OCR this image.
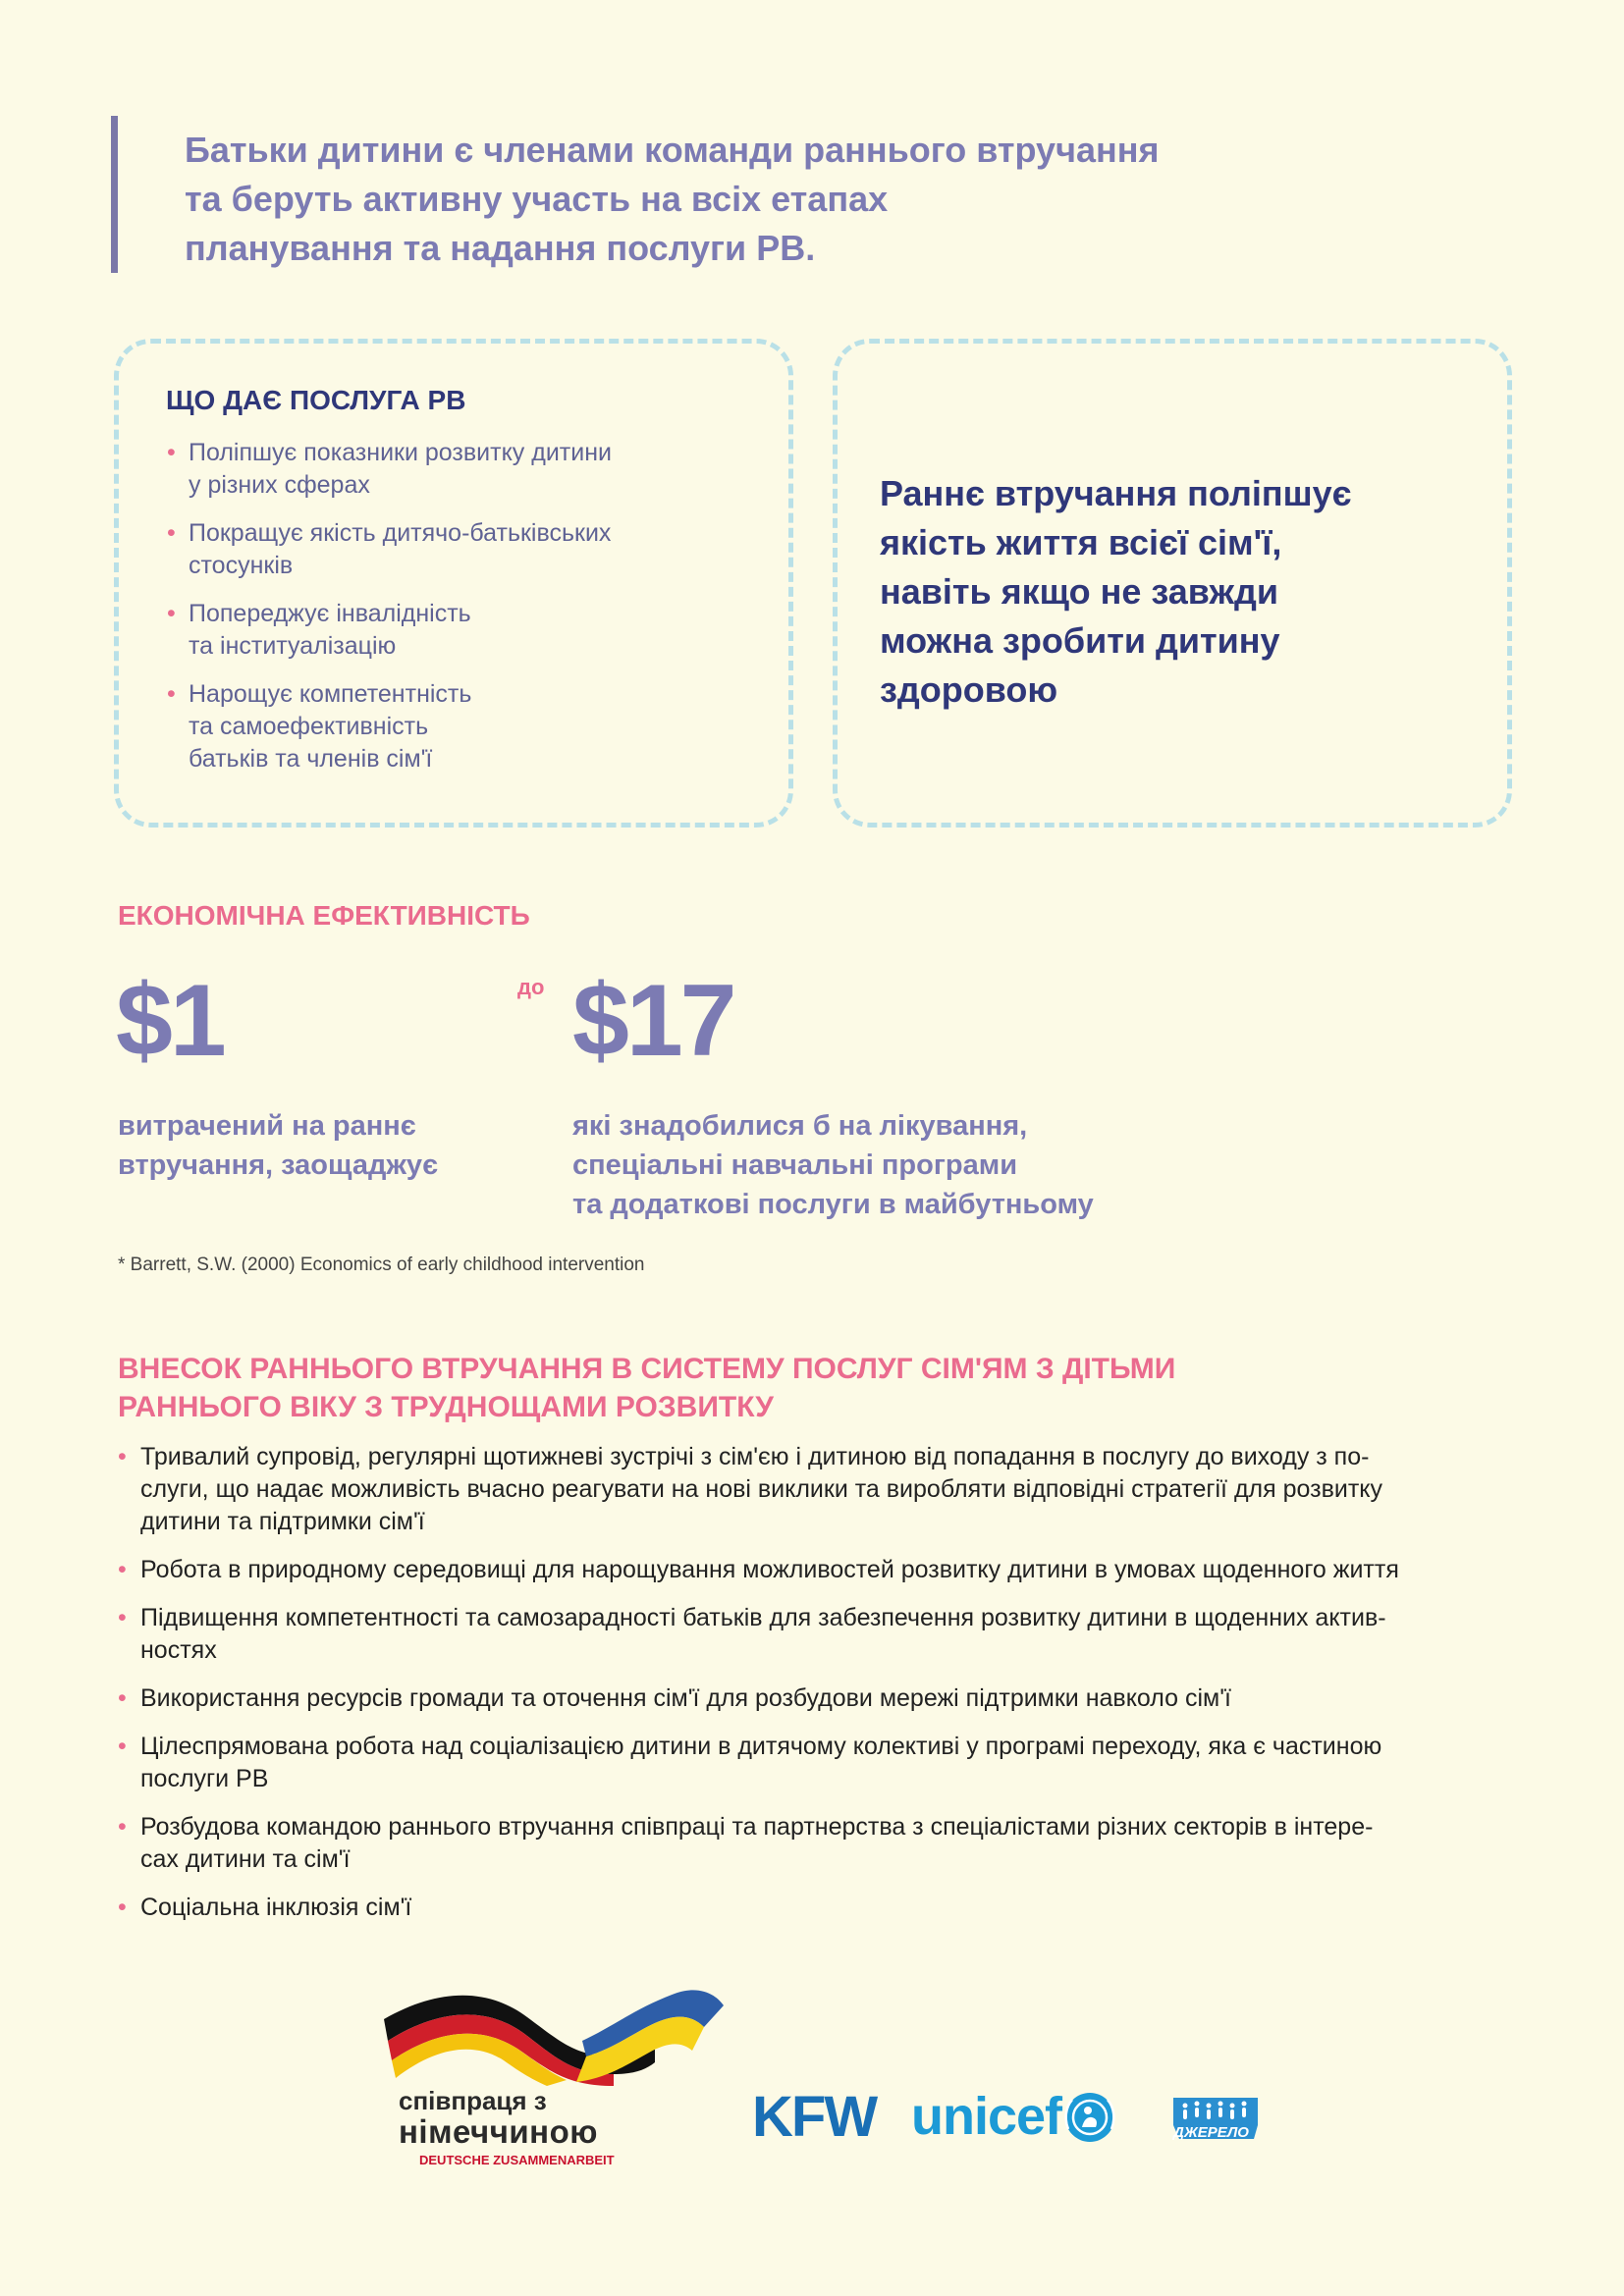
Батьки дитини є членами команди раннього втручання
та беруть активну участь на всіх етапах
планування та надання послуги РВ.
ЩО ДАЄ ПОСЛУГА РВ
• Поліпшує показники розвитку дитини
у різних сферах
• Покращує якість дитячо-батьківських
стосунків
• Попереджує інвалідність
та інституалізацію
• Нарощує компетентність
та самоефективність
батьків та членів сім'ї
Раннє втручання поліпшує
якість життя всієї сім'ї,
навіть якщо не завжди
можна зробити дитину
здоровою
ЕКОНОМІЧНА ЕФЕКТИВНІСТЬ
$1	до $17
витрачений на раннє
втручання, заощаджує
які знадобилися б на лікування,
спеціальні навчальні програми
та додаткові послуги в майбутньому
* Barrett, S.W. (2000) Economics of early childhood intervention
ВНЕСОК РАННЬОГО ВТРУЧАННЯ В СИСТЕМУ ПОСЛУГ СІМ'ЯМ З ДІТЬМИ
РАННЬОГО ВІКУ З ТРУДНОЩАМИ РОЗВИТКУ
• Тривалий супровід, регулярні щотижневі зустрічі з сім'єю і дитиною від попадання в послугу до виходу з по-
слуги, що надає можливість вчасно реагувати на нові виклики та виробляти відповідні стратегії для розвитку
дитини та підтримки сім'ї
• Робота в природному середовищі для нарощування можливостей розвитку дитини в умовах щоденного життя
• Підвищення компетентності та самозарадності батьків для забезпечення розвитку дитини в щоденних актив-
ностях
• Використання ресурсів громади та оточення сім'ї для розбудови мережі підтримки навколо сім'ї
• Цілеспрямована робота над соціалізацією дитини в дитячому колективі у програмі переходу, яка є частиною
послуги РВ
• Розбудова командою раннього втручання співпраці та партнерства з спеціалістами різних секторів в інтере-
сах дитини та сім'ї
• Соціальна інклюзія сім'ї
співпраця з
німеччиною
DEUTSCHE ZUSAMMENARBEIT
KFW unicef	ДЖЕРЕЛО
